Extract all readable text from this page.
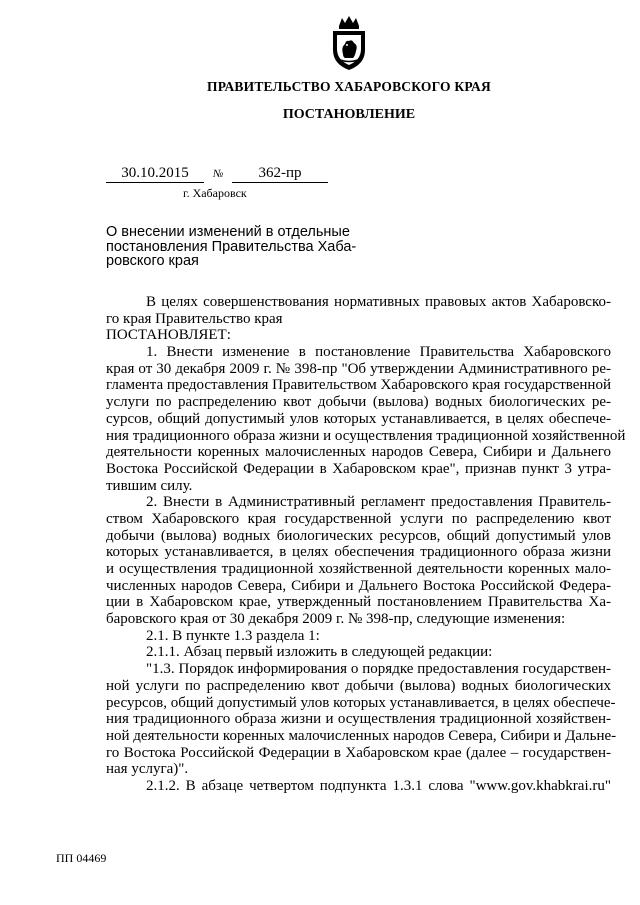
ПРАВИТЕЛЬСТВО ХАБАРОВСКОГО КРАЯ
ПОСТАНОВЛЕНИЕ
30.10.2015	№	362-пр
г. Хабаровск
О внесении изменений в отдельные
постановления Правительства Хаба-
ровского края
В целях совершенствования нормативных правовых актов Хабаровско-
го края Правительство края
ПОСТАНОВЛЯЕТ:
1. Внести изменение в постановление Правительства Хабаровского
края от 30 декабря 2009 г. № 398-пр "Об утверждении Административного ре-
гламента предоставления Правительством Хабаровского края государственной
услуги по распределению квот добычи (вылова) водных биологических ре-
сурсов, общий допустимый улов которых устанавливается, в целях обеспече-
ния традиционного образа жизни и осуществления традиционной хозяйственной
деятельности коренных малочисленных народов Севера, Сибири и Дальнего
Востока Российской Федерации в Хабаровском крае", признав пункт 3 утра-
тившим силу.
2. Внести в Административный регламент предоставления Правитель-
ством Хабаровского края государственной услуги по распределению квот
добычи (вылова) водных биологических ресурсов, общий допустимый улов
которых устанавливается, в целях обеспечения традиционного образа жизни
и осуществления традиционной хозяйственной деятельности коренных мало-
численных народов Севера, Сибири и Дальнего Востока Российской Федера-
ции в Хабаровском крае, утвержденный постановлением Правительства Ха-
баровского края от 30 декабря 2009 г. № 398-пр, следующие изменения:
2.1. В пункте 1.3 раздела 1:
2.1.1. Абзац первый изложить в следующей редакции:
"1.3. Порядок информирования о порядке предоставления государствен-
ной услуги по распределению квот добычи (вылова) водных биологических
ресурсов, общий допустимый улов которых устанавливается, в целях обеспече-
ния традиционного образа жизни и осуществления традиционной хозяйствен-
ной деятельности коренных малочисленных народов Севера, Сибири и Дальне-
го Востока Российской Федерации в Хабаровском крае (далее – государствен-
ная услуга)".
2.1.2. В абзаце четвертом подпункта 1.3.1 слова "www.gov.khabkrai.ru"
ПП 04469
